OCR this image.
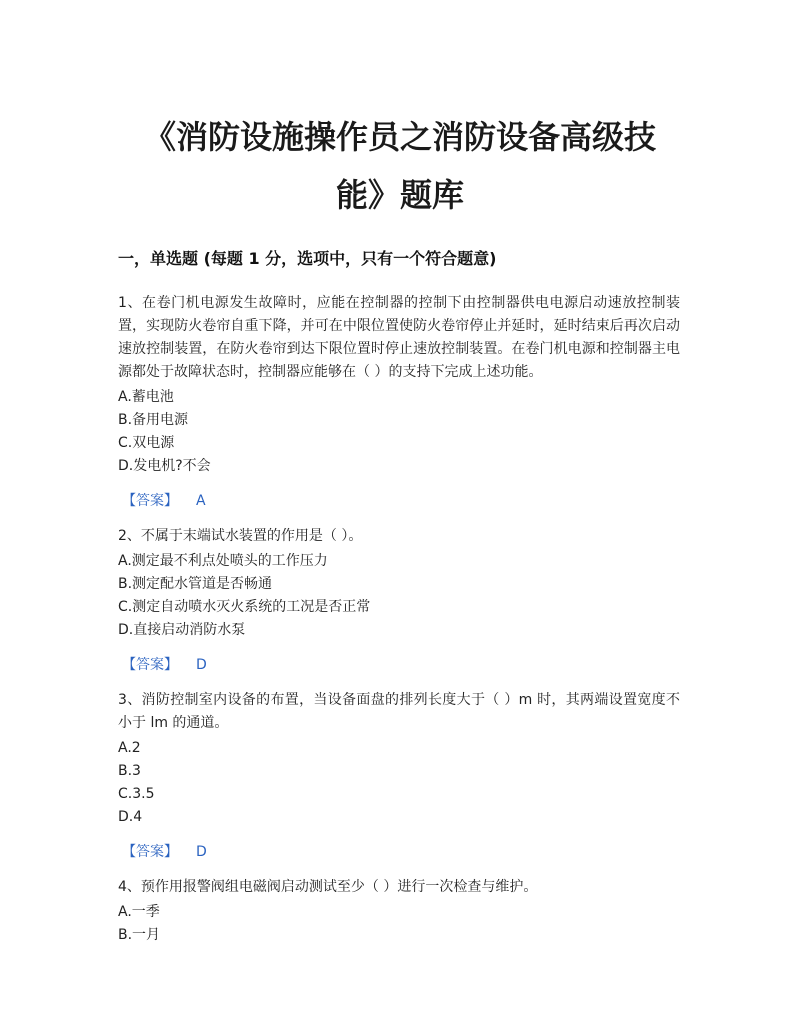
《消防设施操作员之消防设备高级技
能》题库
一，单选题 (每题 1 分，选项中，只有一个符合题意)

1、在卷门机电源发生故障时，应能在控制器的控制下由控制器供电电源启动速放控制装置，实现防火卷帘自重下降，并可在中限位置使防火卷帘停止并延时，延时结束后再次启动速放控制装置，在防火卷帘到达下限位置时停止速放控制装置。在卷门机电源和控制器主电源都处于故障状态时，控制器应能够在（ ）的支持下完成上述功能。

A.蓄电池

B.备用电源

C.双电源

D.发电机?不会

【答案】 A

2、不属于末端试水装置的作用是（ ）。

A.测定最不利点处喷头的工作压力

B.测定配水管道是否畅通

C.测定自动喷水灭火系统的工况是否正常

D.直接启动消防水泵

【答案】 D

3、消防控制室内设备的布置，当设备面盘的排列长度大于（ ）m 时，其两端设置宽度不小于 lm 的通道。

A.2

B.3

C.3.5

D.4

【答案】 D

4、预作用报警阀组电磁阀启动测试至少（ ）进行一次检查与维护。

A.一季

B.一月
